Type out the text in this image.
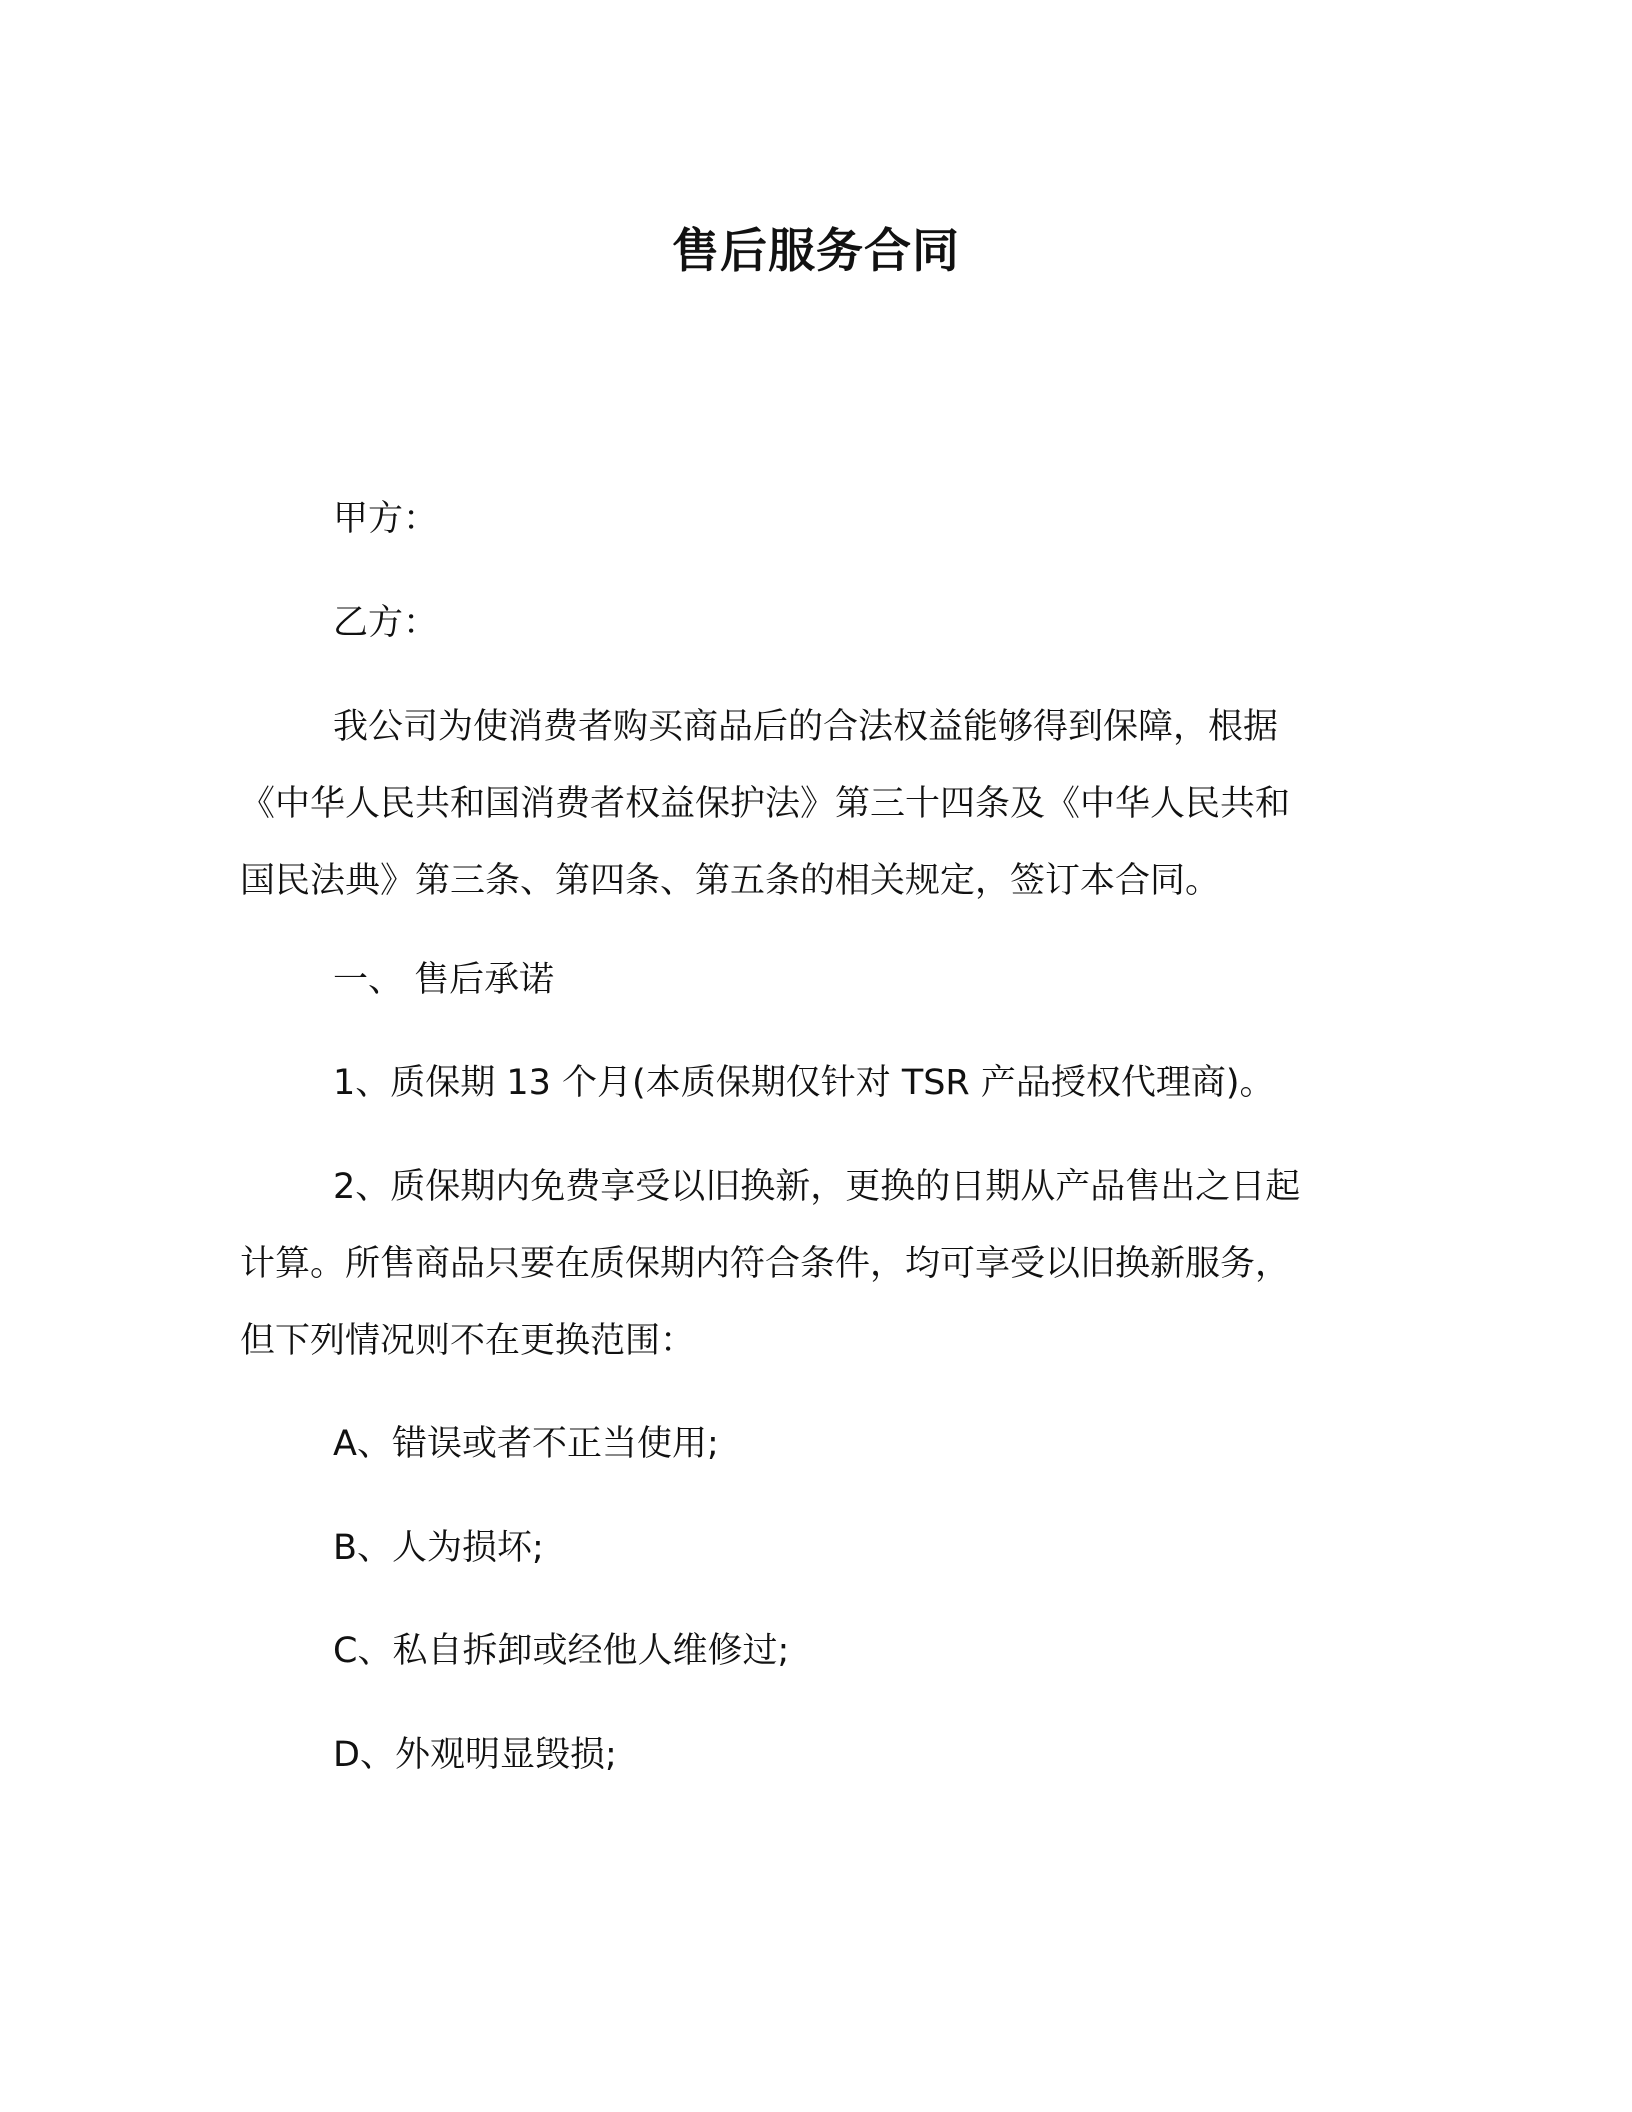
售后服务合同
甲方：
乙方：
我公司为使消费者购买商品后的合法权益能够得到保障，根据
《中华人民共和国消费者权益保护法》第三十四条及《中华人民共和
国民法典》第三条、第四条、第五条的相关规定，签订本合同。
一、 售后承诺
1、质保期 13 个月(本质保期仅针对 TSR 产品授权代理商)。
2、质保期内免费享受以旧换新，更换的日期从产品售出之日起
计算。所售商品只要在质保期内符合条件，均可享受以旧换新服务，
但下列情况则不在更换范围：
A、错误或者不正当使用;
B、人为损坏;
C、私自拆卸或经他人维修过;
D、外观明显毁损;
